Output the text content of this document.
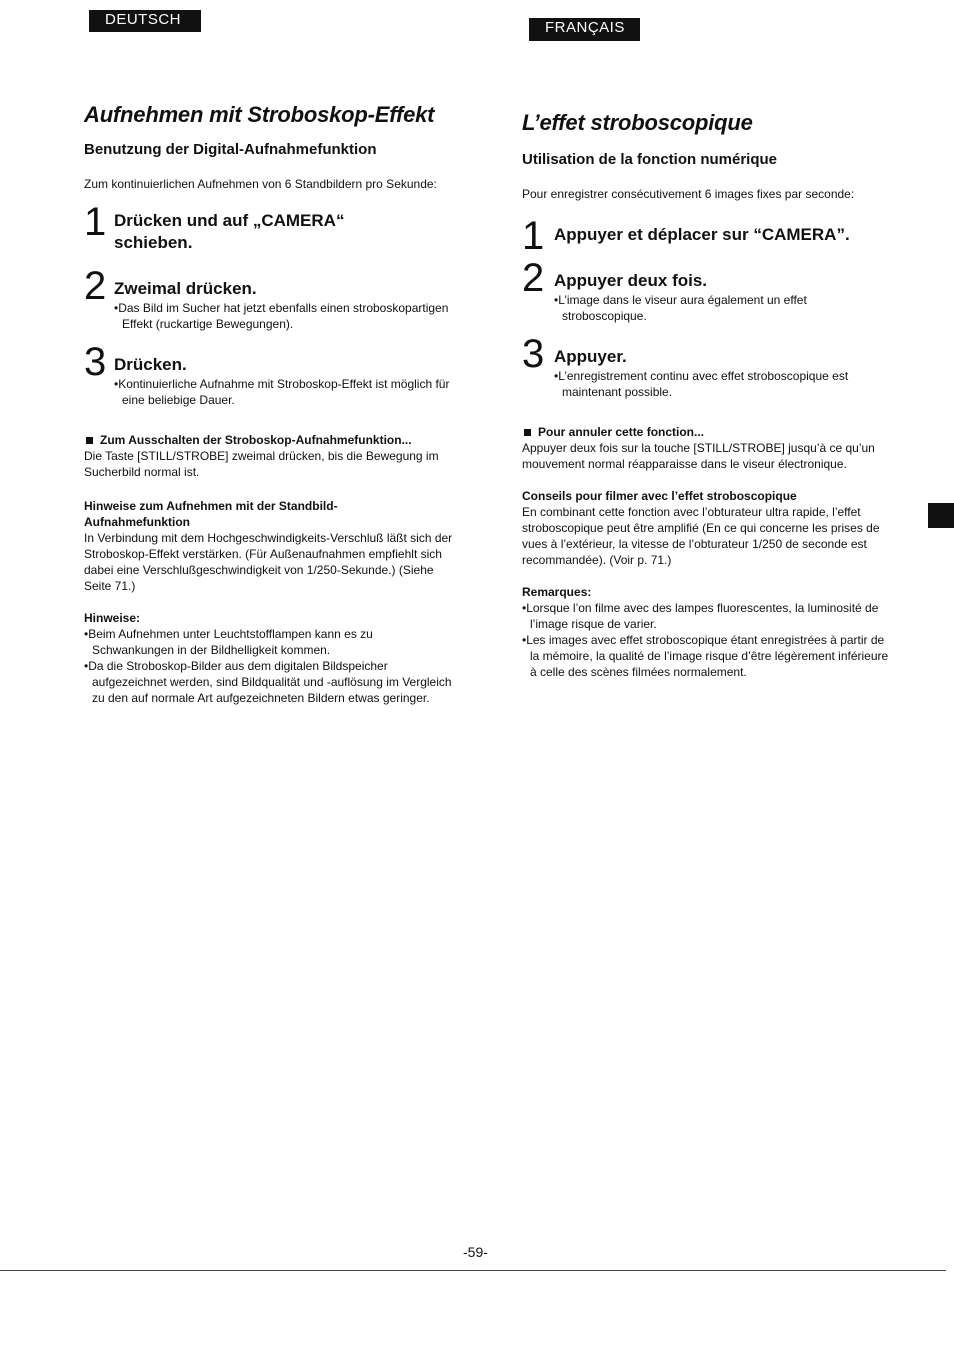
DEUTSCH	FRANÇAIS
Aufnehmen mit Stroboskop-Effekt
Benutzung der Digital-Aufnahmefunktion

Zum kontinuierlichen Aufnehmen von 6 Standbildern pro Sekunde:

1 Drücken und auf „CAMERA“
schieben.
2 Zweimal drücken.
•Das Bild im Sucher hat jetzt ebenfalls einen stroboskopartigen Effekt (ruckartige Bewegungen).
3 Drücken.
•Kontinuierliche Aufnahme mit Stroboskop-Effekt ist möglich für eine beliebige Dauer.

Zum Ausschalten der Stroboskop-Aufnahmefunktion...

Die Taste [STILL/STROBE] zweimal drücken, bis die Bewegung im Sucherbild normal ist.

Hinweise zum Aufnehmen mit der Standbild-

Aufnahmefunktion

In Verbindung mit dem Hochgeschwindigkeits-Verschluß läßt sich der Stroboskop-Effekt verstärken. (Für Außenaufnahmen empfiehlt sich dabei eine Verschlußgeschwindigkeit von 1/250-Sekunde.) (Siehe Seite 71.)

Hinweise:

•Beim Aufnehmen unter Leuchtstofflampen kann es zu Schwankungen in der Bildhelligkeit kommen.

•Da die Stroboskop-Bilder aus dem digitalen Bildspeicher aufgezeichnet werden, sind Bildqualität und -auflösung im Vergleich zu den auf normale Art aufgezeichneten Bildern etwas geringer.

L’effet stroboscopique
Utilisation de la fonction numérique

Pour enregistrer consécutivement 6 images fixes par seconde:

1 Appuyer et déplacer sur “CAMERA”.
2 Appuyer deux fois.
•L’image dans le viseur aura également un effet stroboscopique.
3 Appuyer.
•L’enregistrement continu avec effet stroboscopique est maintenant possible.

Pour annuler cette fonction...

Appuyer deux fois sur la touche [STILL/STROBE] jusqu’à ce qu’un mouvement normal réapparaisse dans le viseur électronique.

Conseils pour filmer avec l’effet stroboscopique

En combinant cette fonction avec l’obturateur ultra rapide, l’effet stroboscopique peut être amplifié (En ce qui concerne les prises de vues à l’extérieur, la vitesse de l’obturateur 1/250 de seconde est recommandée). (Voir p. 71.)

Remarques:

•Lorsque l’on filme avec des lampes fluorescentes, la luminosité de l’image risque de varier.

•Les images avec effet stroboscopique étant enregistrées à partir de la mémoire, la qualité de l’image risque d’être légèrement inférieure à celle des scènes filmées normalement.

-59-
